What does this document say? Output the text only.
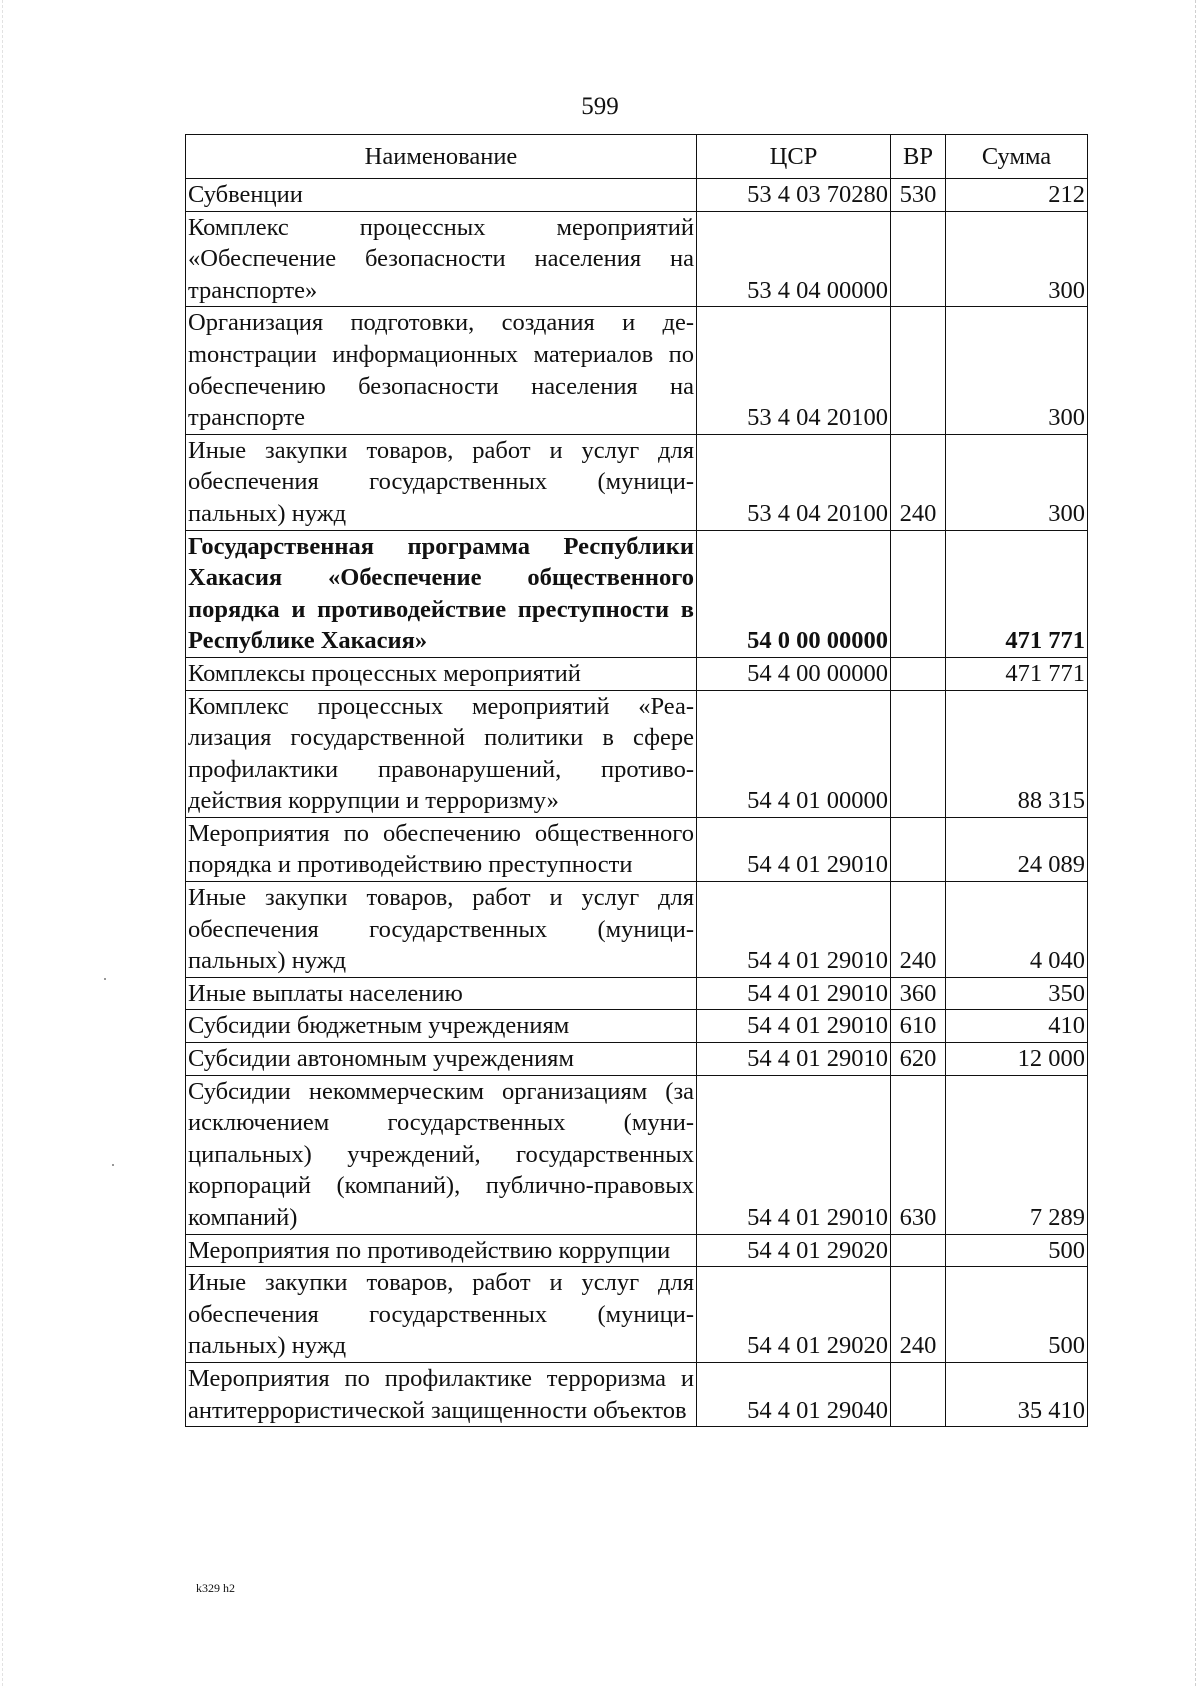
599
Наименование	ЦСР	ВР	Сумма
Субвенции	53 4 03 70280	530	212
Комплекс процессных мероприятий «Обеспечение безопасности населения на транспорте»	53 4 04 00000		300
Организация подготовки, создания и деmонстрации информационных материалов по обеспечению безопасности населения на транспорте	53 4 04 20100		300
Иные закупки товаров, работ и услуг для обеспечения государственных (муниципальных) нужд	53 4 04 20100	240	300
Государственная программа Республики Хакасия «Обеспечение общественного порядка и противодействие преступности в Республике Хакасия»	54 0 00 00000		471 771
Комплексы процессных мероприятий	54 4 00 00000		471 771
Комплекс процессных мероприятий «Реализация государственной политики в сфере профилактики правонарушений, противодействия коррупции и терроризму»	54 4 01 00000		88 315
Мероприятия по обеспечению общественного порядка и противодействию преступности	54 4 01 29010		24 089
Иные закупки товаров, работ и услуг для обеспечения государственных (муниципальных) нужд	54 4 01 29010	240	4 040
Иные выплаты населению	54 4 01 29010	360	350
Субсидии бюджетным учреждениям	54 4 01 29010	610	410
Субсидии автономным учреждениям	54 4 01 29010	620	12 000
Субсидии некоммерческим организациям (за исключением государственных (муниципальных) учреждений, государственных корпораций (компаний), публично-правовых компаний)	54 4 01 29010	630	7 289
Мероприятия по противодействию коррупции	54 4 01 29020		500
Иные закупки товаров, работ и услуг для обеспечения государственных (муниципальных) нужд	54 4 01 29020	240	500
Мероприятия по профилактике терроризма и антитеррористической защищенности объектов	54 4 01 29040		35 410
k329 h2
